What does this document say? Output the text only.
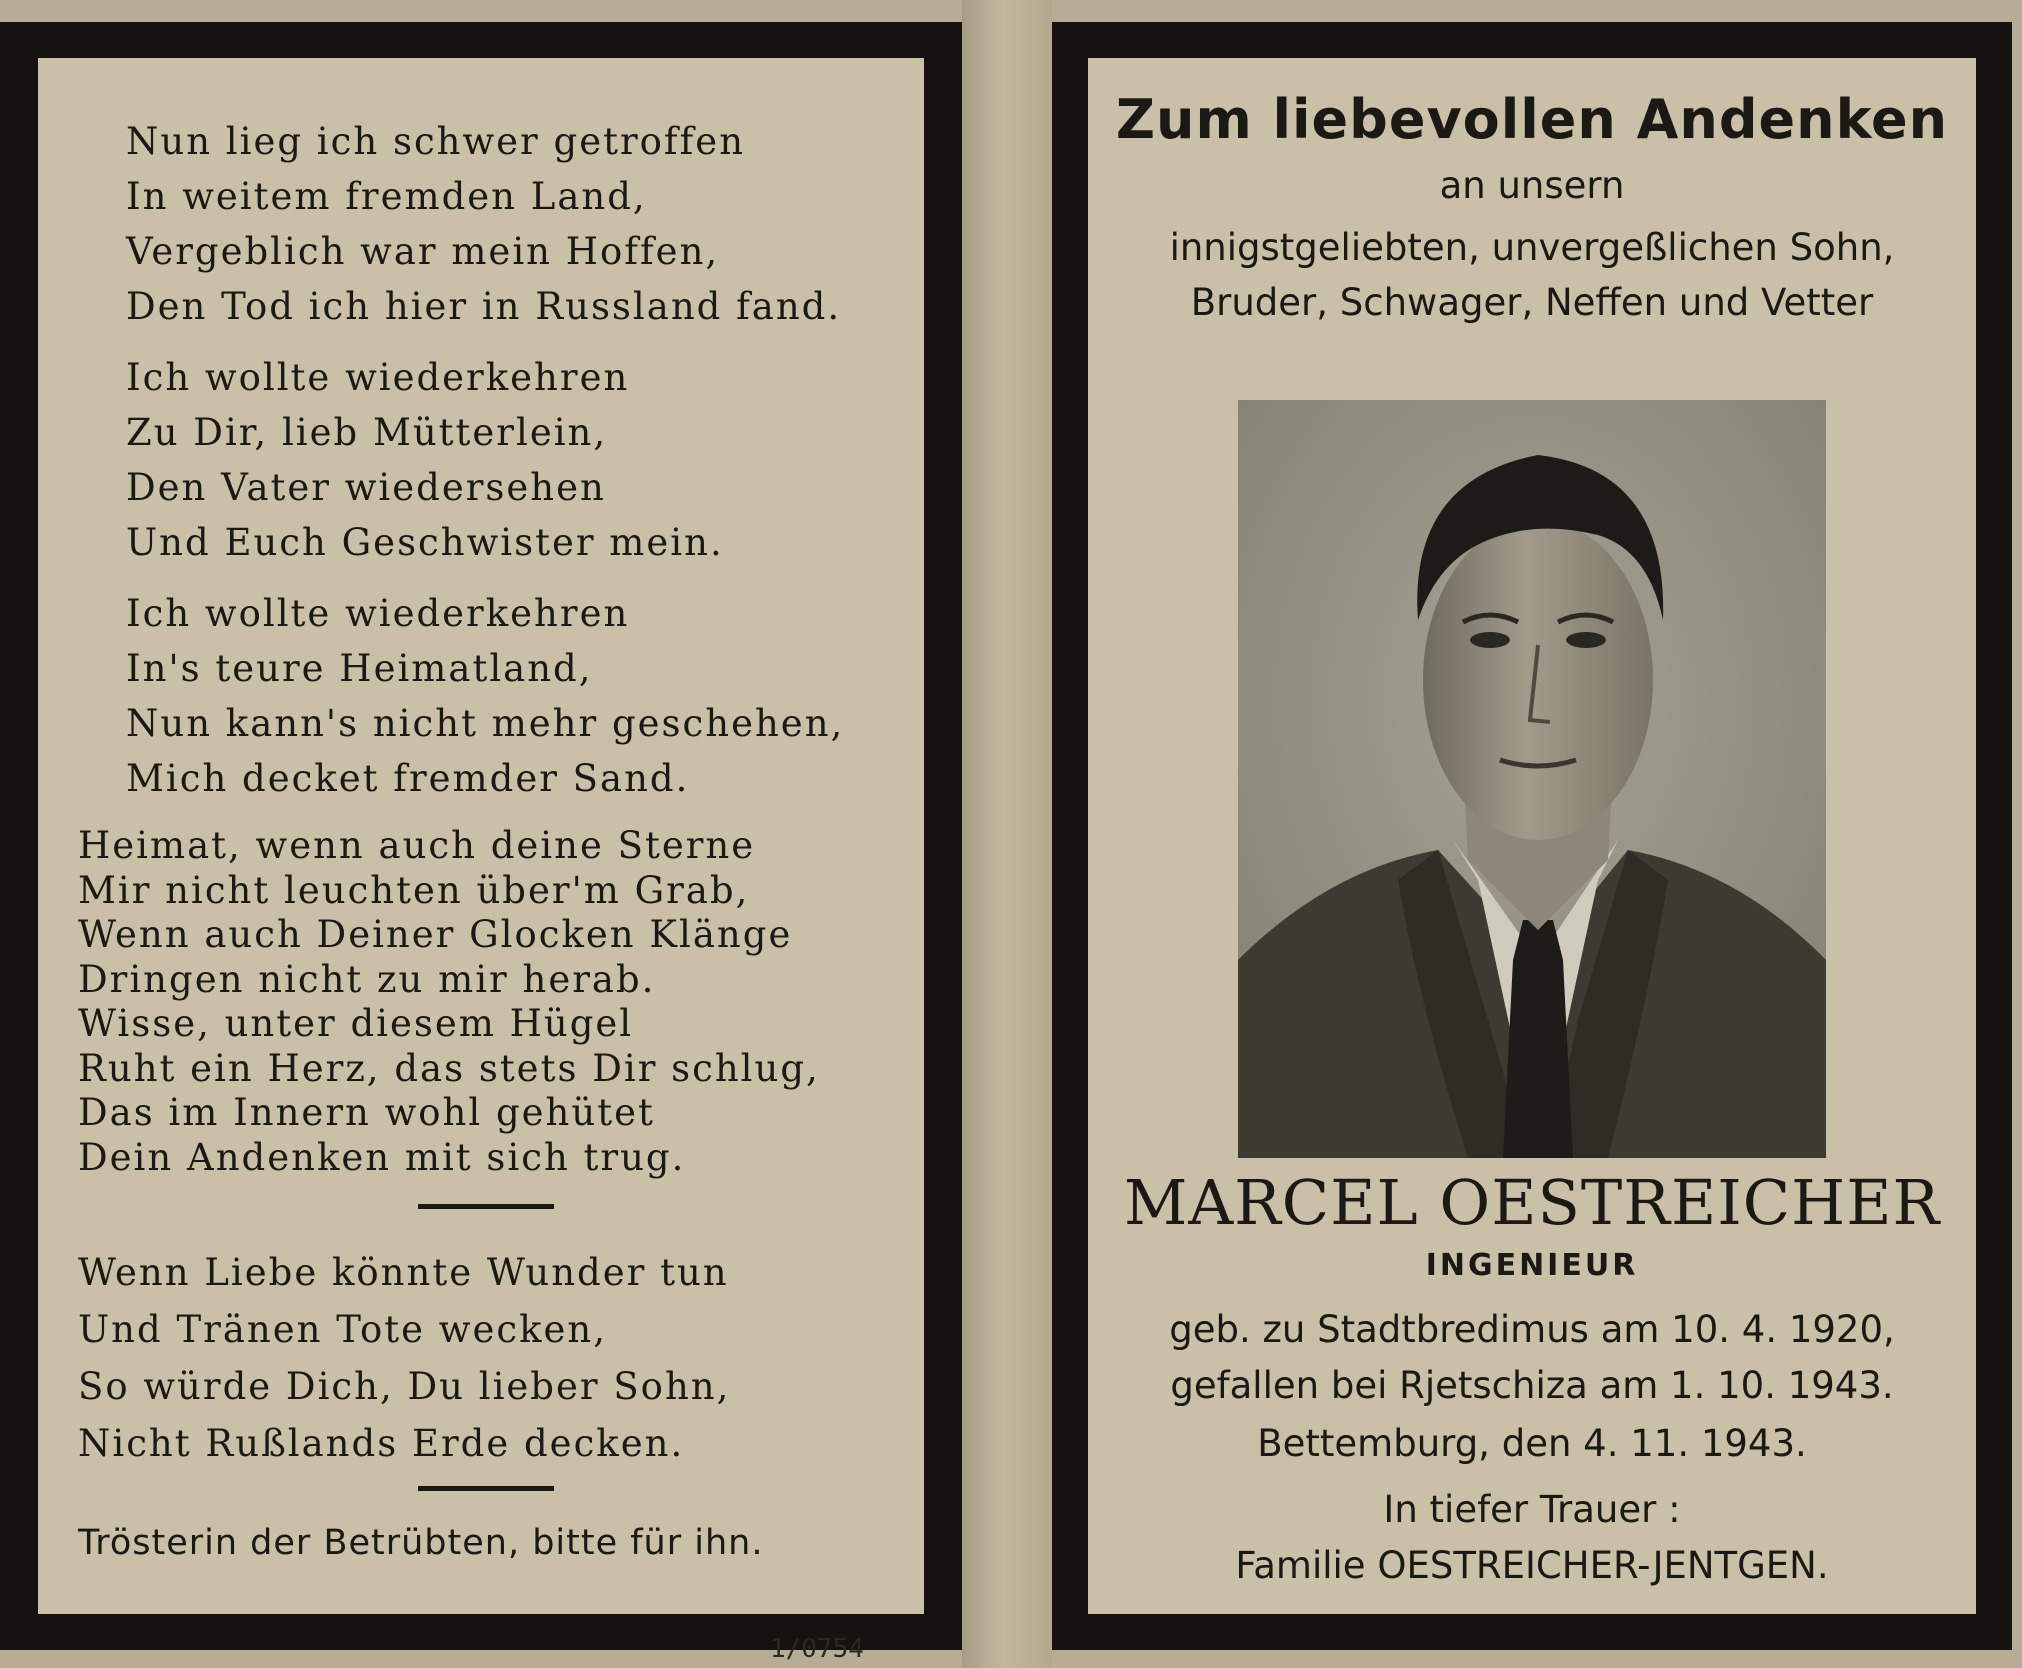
Nun lieg ich schwer getroffen

In weitem fremden Land,

Vergeblich war mein Hoffen,

Den Tod ich hier in Russland fand.

Ich wollte wiederkehren

Zu Dir, lieb Mütterlein,

Den Vater wiedersehen

Und Euch Geschwister mein.

Ich wollte wiederkehren

In's teure Heimatland,

Nun kann's nicht mehr geschehen,

Mich decket fremder Sand.

Heimat, wenn auch deine Sterne

Mir nicht leuchten über'm Grab,

Wenn auch Deiner Glocken Klänge

Dringen nicht zu mir herab.

Wisse, unter diesem Hügel

Ruht ein Herz, das stets Dir schlug,

Das im Innern wohl gehütet

Dein Andenken mit sich trug.

Wenn Liebe könnte Wunder tun

Und Tränen Tote wecken,

So würde Dich, Du lieber Sohn,

Nicht Rußlands Erde decken.

Trösterin der Betrübten, bitte für ihn.

1/0754

Zum liebevollen Andenken

an unsern

innigstgeliebten, unvergeßlichen Sohn,

Bruder, Schwager, Neffen und Vetter

MARCEL OESTREICHER

INGENIEUR

geb. zu Stadtbredimus am 10. 4. 1920,

gefallen bei Rjetschiza am 1. 10. 1943.

Bettemburg, den 4. 11. 1943.

In tiefer Trauer :

Familie OESTREICHER-JENTGEN.
